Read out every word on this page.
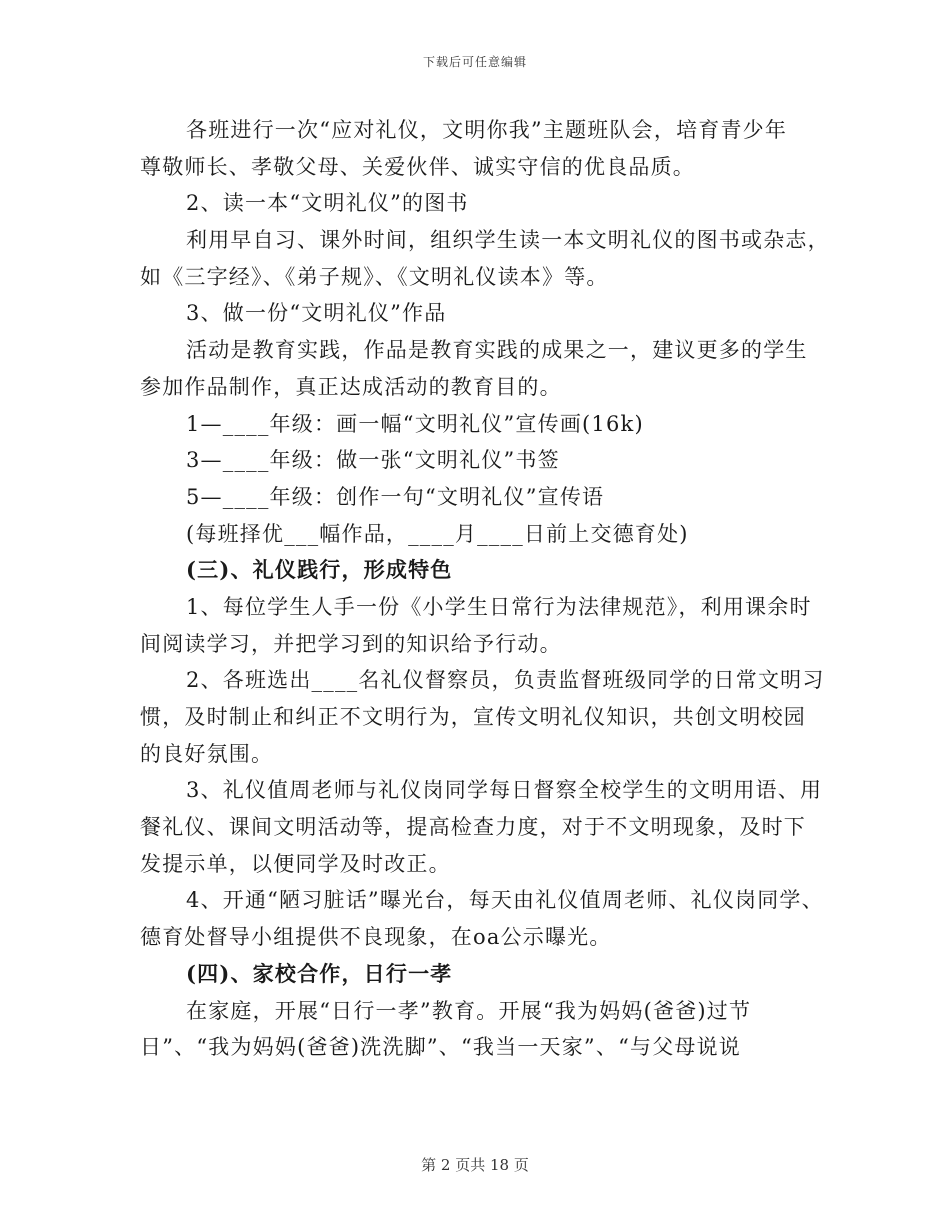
下载后可任意编辑
各班进行一次“应对礼仪，文明你我”主题班队会，培育青少年
尊敬师长、孝敬父母、关爱伙伴、诚实守信的优良品质。
2、读一本“文明礼仪”的图书
利用早自习、课外时间，组织学生读一本文明礼仪的图书或杂志，
如《三字经》、《弟子规》、《文明礼仪读本》等。
3、做一份“文明礼仪”作品
活动是教育实践，作品是教育实践的成果之一，建议更多的学生
参加作品制作，真正达成活动的教育目的。
1—____年级：画一幅“文明礼仪”宣传画(16k)
3—____年级：做一张“文明礼仪”书签
5—____年级：创作一句“文明礼仪”宣传语
(每班择优___幅作品，____月____日前上交德育处)
(三)、礼仪践行，形成特色
1、每位学生人手一份《小学生日常行为法律规范》，利用课余时
间阅读学习，并把学习到的知识给予行动。
2、各班选出____名礼仪督察员，负责监督班级同学的日常文明习
惯，及时制止和纠正不文明行为，宣传文明礼仪知识，共创文明校园
的良好氛围。
3、礼仪值周老师与礼仪岗同学每日督察全校学生的文明用语、用
餐礼仪、课间文明活动等，提高检查力度，对于不文明现象，及时下
发提示单，以便同学及时改正。
4、开通“陋习脏话”曝光台，每天由礼仪值周老师、礼仪岗同学、
德育处督导小组提供不良现象，在oa公示曝光。
(四)、家校合作，日行一孝
在家庭，开展“日行一孝”教育。开展“我为妈妈(爸爸)过节
日”、“我为妈妈(爸爸)洗洗脚”、“我当一天家”、“与父母说说
第 2 页共 18 页
